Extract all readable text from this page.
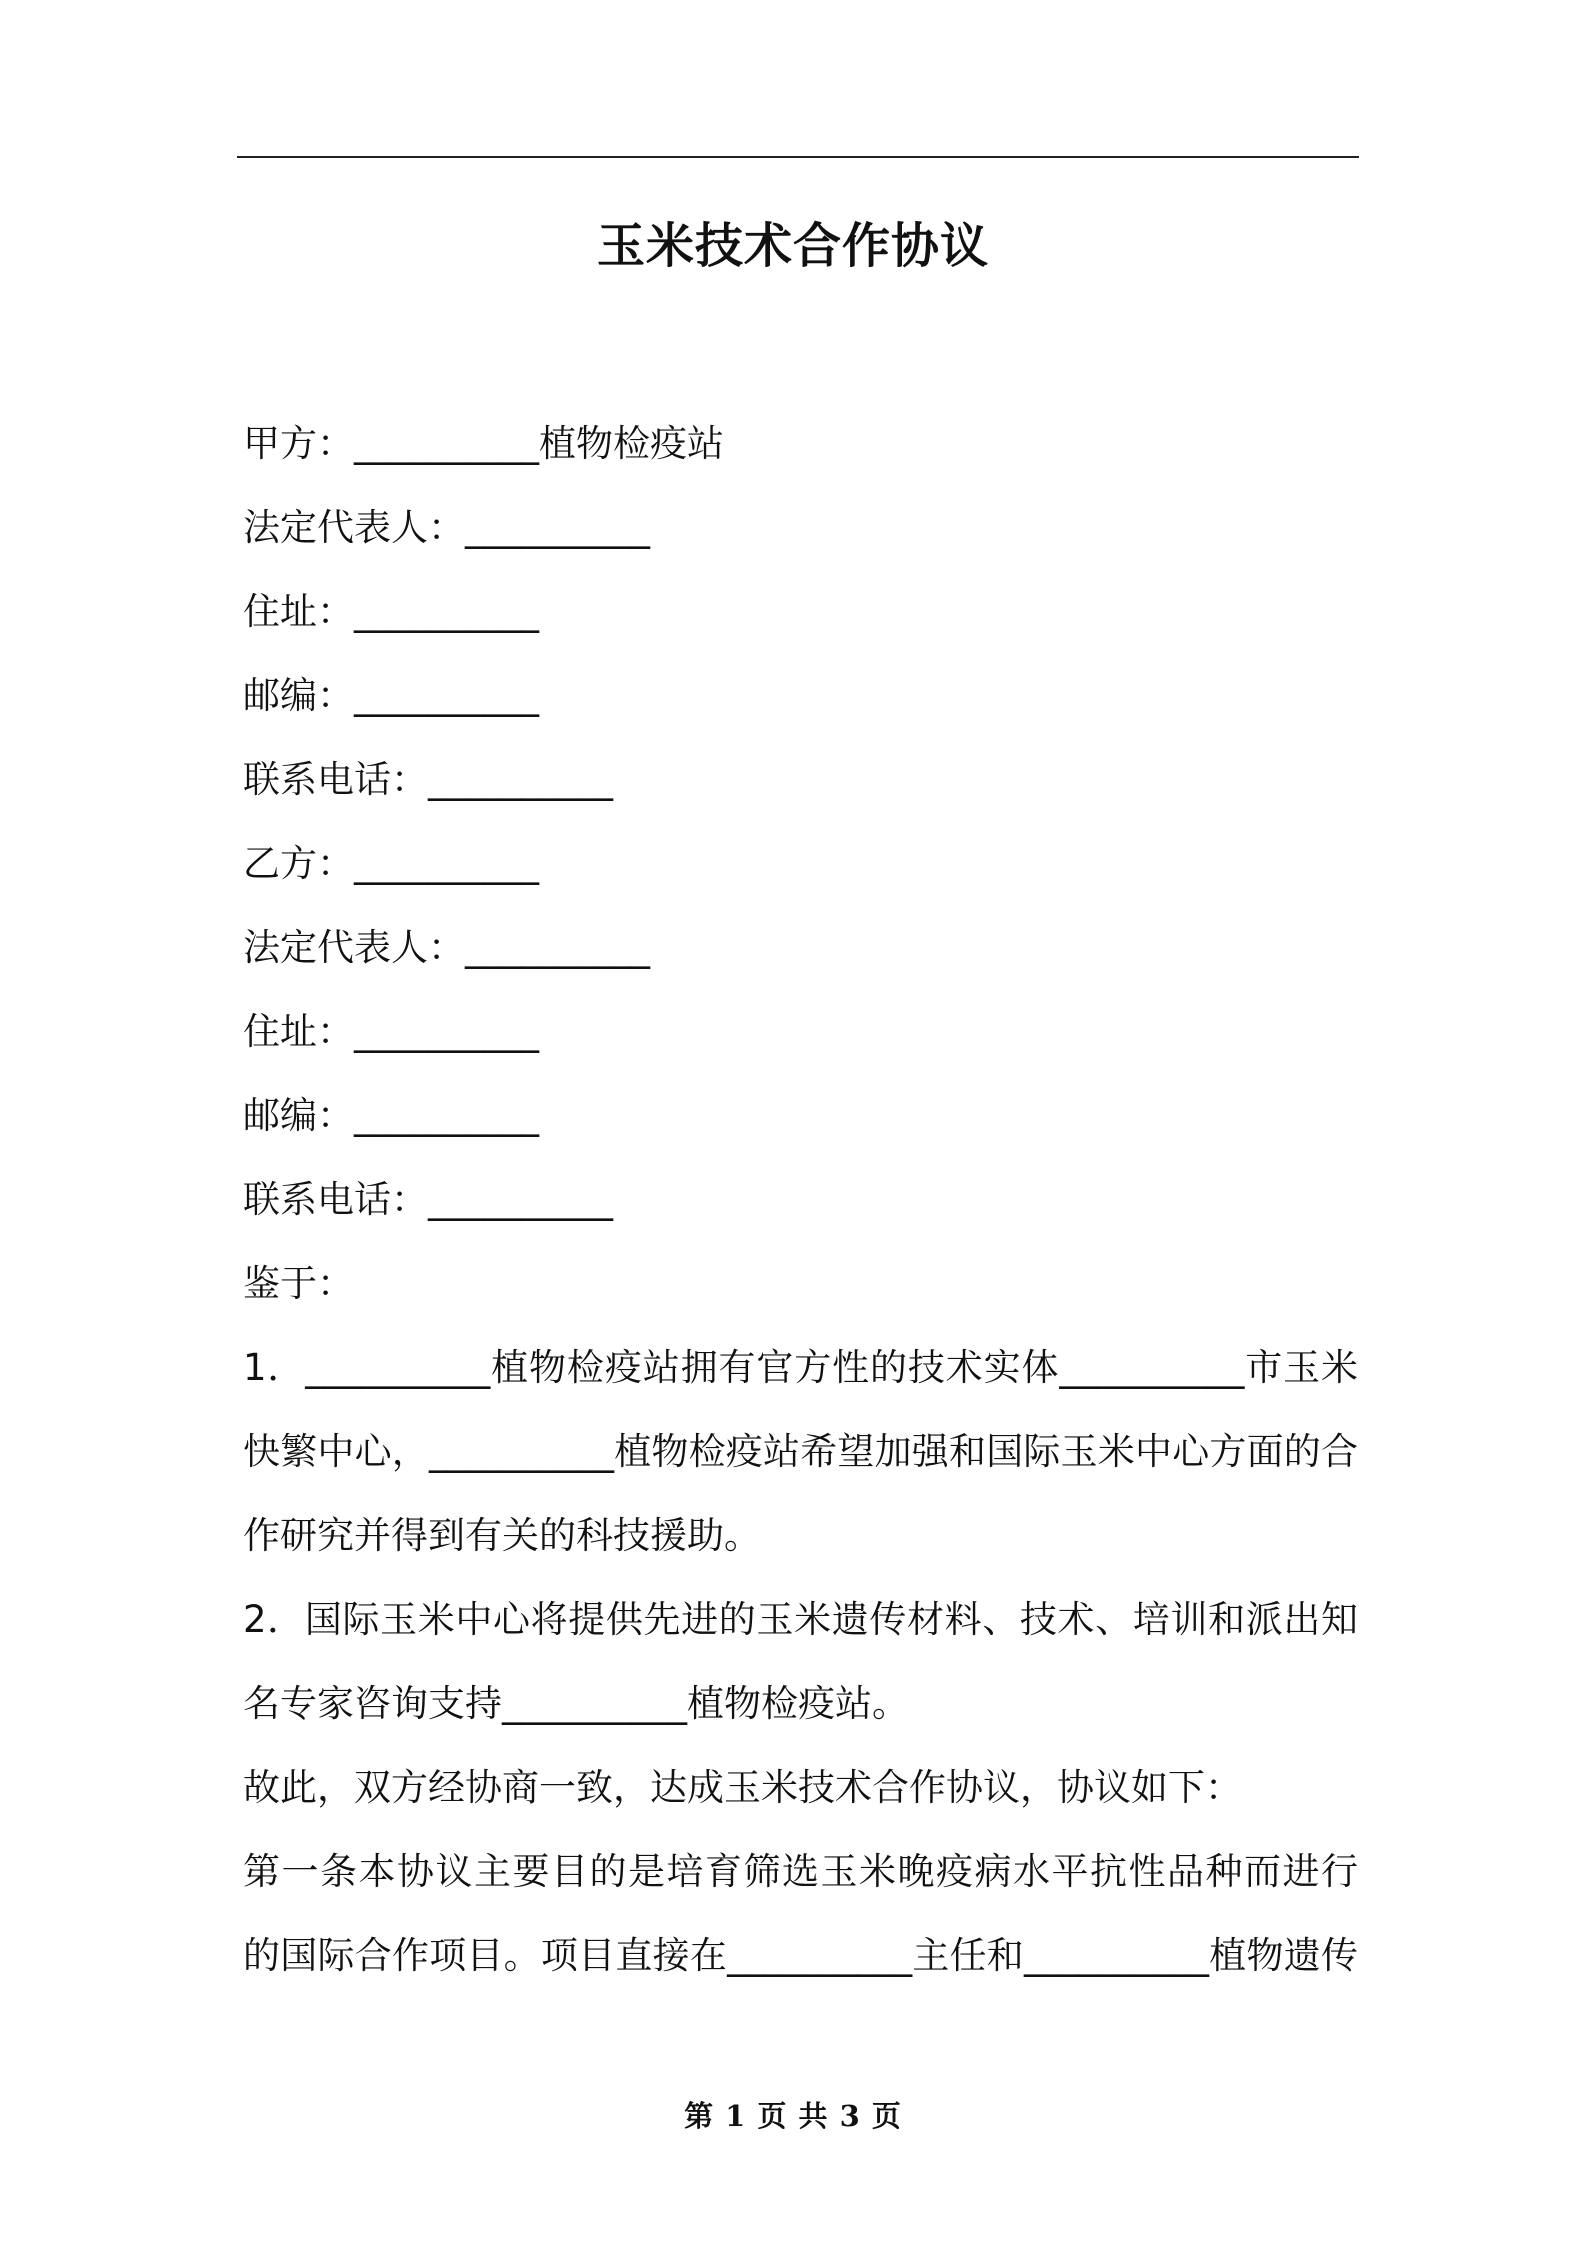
玉米技术合作协议
甲方：__________植物检疫站
法定代表人：__________
住址：__________
邮编：__________
联系电话：__________
乙方：__________
法定代表人：__________
住址：__________
邮编：__________
联系电话：__________
鉴于：
1．__________植物检疫站拥有官方性的技术实体__________市玉米
快繁中心，__________植物检疫站希望加强和国际玉米中心方面的合
作研究并得到有关的科技援助。
2．国际玉米中心将提供先进的玉米遗传材料、技术、培训和派出知
名专家咨询支持__________植物检疫站。
故此，双方经协商一致，达成玉米技术合作协议，协议如下：
第一条本协议主要目的是培育筛选玉米晚疫病水平抗性品种而进行
的国际合作项目。项目直接在__________主任和__________植物遗传
第 1 页 共 3 页
